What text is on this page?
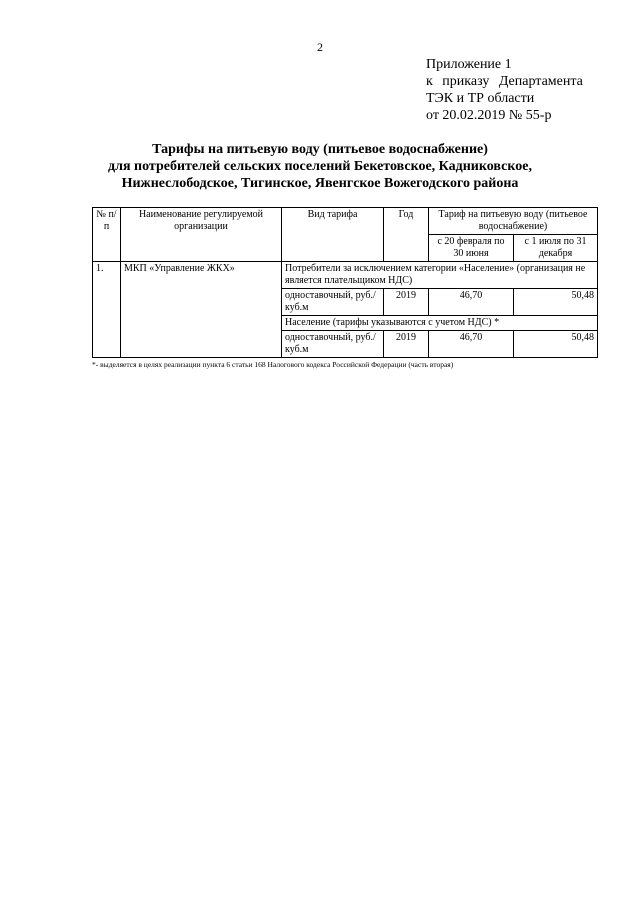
2
Приложение 1
к приказу Департамента
ТЭК и ТР области
от 20.02.2019 № 55-р
Тарифы на питьевую воду (питьевое водоснабжение)
для потребителей сельских поселений Бекетовское, Кадниковское,
Нижнеслободское, Тигинское, Явенгское Вожегодского района
№ п/п	Наименование регулируемой организации	Вид тарифа	Год	Тариф на питьевую воду (питьевое водоснабжение)	
				с 20 февраля по 30 июня	с 1 июля по 31 декабря
1.	МКП «Управление ЖКХ»	Потребители за исключением категории «Население» (организация не является плательщиком НДС)			
		одноставочный, руб./куб.м	2019	46,70	50,48
		Население (тарифы указываются с учетом НДС) *			
		одноставочный, руб./куб.м	2019	46,70	50,48
*- выделяется в целях реализации пункта 6 статьи 168 Налогового кодекса Российской Федерации (часть вторая)
